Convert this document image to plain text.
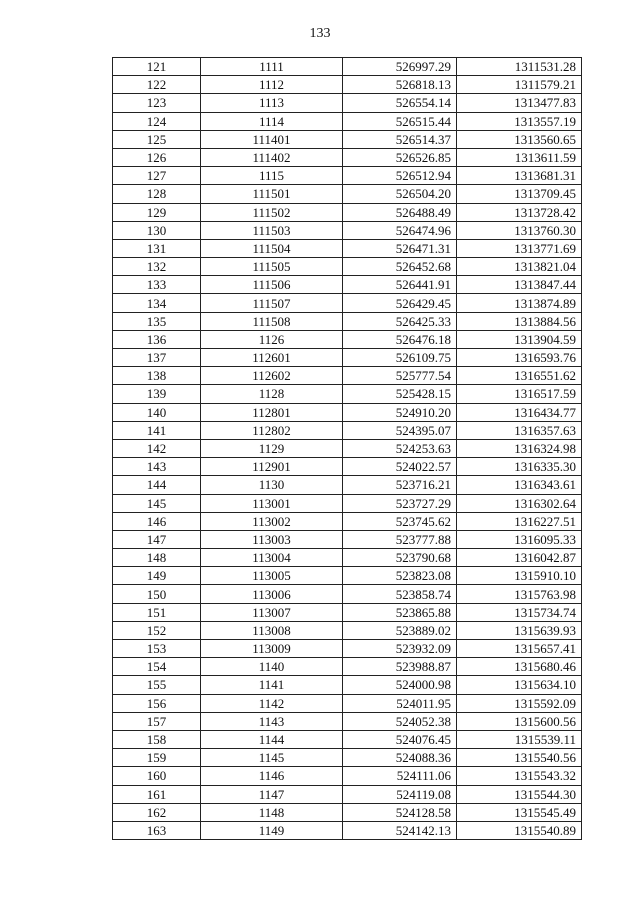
133
121	1111	526997.29	1311531.28
122	1112	526818.13	1311579.21
123	1113	526554.14	1313477.83
124	1114	526515.44	1313557.19
125	111401	526514.37	1313560.65
126	111402	526526.85	1313611.59
127	1115	526512.94	1313681.31
128	111501	526504.20	1313709.45
129	111502	526488.49	1313728.42
130	111503	526474.96	1313760.30
131	111504	526471.31	1313771.69
132	111505	526452.68	1313821.04
133	111506	526441.91	1313847.44
134	111507	526429.45	1313874.89
135	111508	526425.33	1313884.56
136	1126	526476.18	1313904.59
137	112601	526109.75	1316593.76
138	112602	525777.54	1316551.62
139	1128	525428.15	1316517.59
140	112801	524910.20	1316434.77
141	112802	524395.07	1316357.63
142	1129	524253.63	1316324.98
143	112901	524022.57	1316335.30
144	1130	523716.21	1316343.61
145	113001	523727.29	1316302.64
146	113002	523745.62	1316227.51
147	113003	523777.88	1316095.33
148	113004	523790.68	1316042.87
149	113005	523823.08	1315910.10
150	113006	523858.74	1315763.98
151	113007	523865.88	1315734.74
152	113008	523889.02	1315639.93
153	113009	523932.09	1315657.41
154	1140	523988.87	1315680.46
155	1141	524000.98	1315634.10
156	1142	524011.95	1315592.09
157	1143	524052.38	1315600.56
158	1144	524076.45	1315539.11
159	1145	524088.36	1315540.56
160	1146	524111.06	1315543.32
161	1147	524119.08	1315544.30
162	1148	524128.58	1315545.49
163	1149	524142.13	1315540.89
